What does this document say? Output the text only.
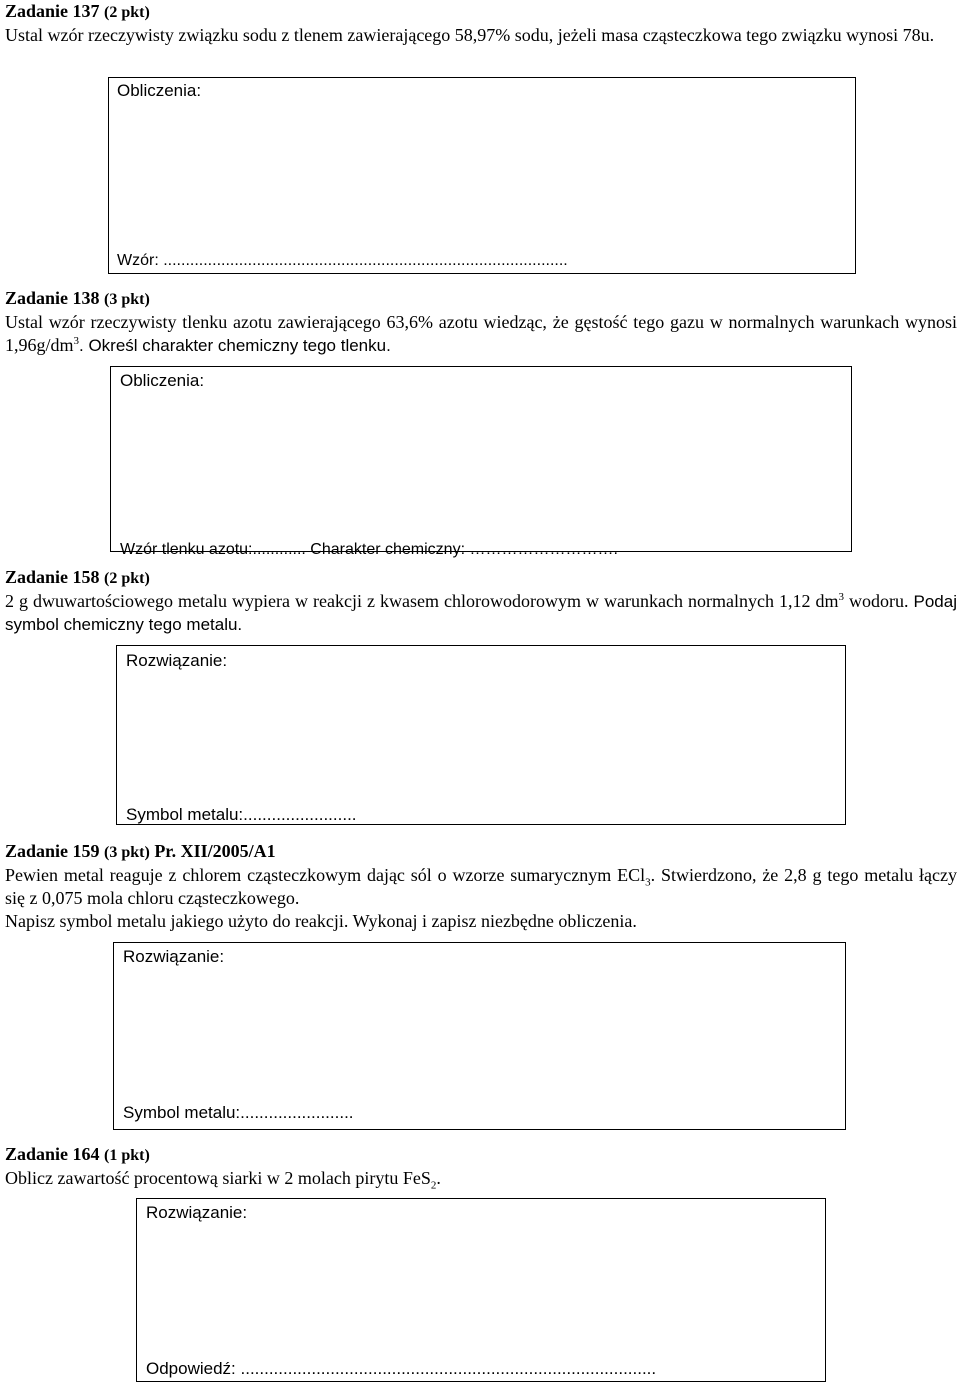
Zadanie 137 (2 pkt)
Ustal wzór rzeczywisty związku sodu z tlenem zawierającego 58,97% sodu, jeżeli masa cząsteczkowa tego związku wynosi 78u.
Obliczenia:
Wzór: ...........................................................................................
Zadanie 138 (3 pkt)
Ustal wzór rzeczywisty tlenku azotu zawierającego 63,6% azotu wiedząc, że gęstość tego gazu w normalnych warunkach wynosi $1,96g/dm^3$. Określ charakter chemiczny tego tlenku.
Obliczenia:
Wzór tlenku azotu:............ Charakter chemiczny: ……………………….
Zadanie 158 (2 pkt)
2 g dwuwartościowego metalu wypiera w reakcji z kwasem chlorowodorowym w warunkach normalnych 1,12 $dm^3$ wodoru. Podaj symbol chemiczny tego metalu.
Rozwiązanie:
Symbol metalu:........................
Zadanie 159 (3 pkt) Pr. XII/2005/A1
Pewien metal reaguje z chlorem cząsteczkowym dając sól o wzorze sumarycznym ECl$_3$. Stwierdzono, że 2,8 g tego metalu łączy się z 0,075 mola chloru cząsteczkowego.
Napisz symbol metalu jakiego użyto do reakcji. Wykonaj i zapisz niezbędne obliczenia.
Rozwiązanie:
Symbol metalu:........................
Zadanie 164 (1 pkt)
Oblicz zawartość procentową siarki w 2 molach pirytu FeS$_2$.
Rozwiązanie:
Odpowiedź: ........................................................................................
